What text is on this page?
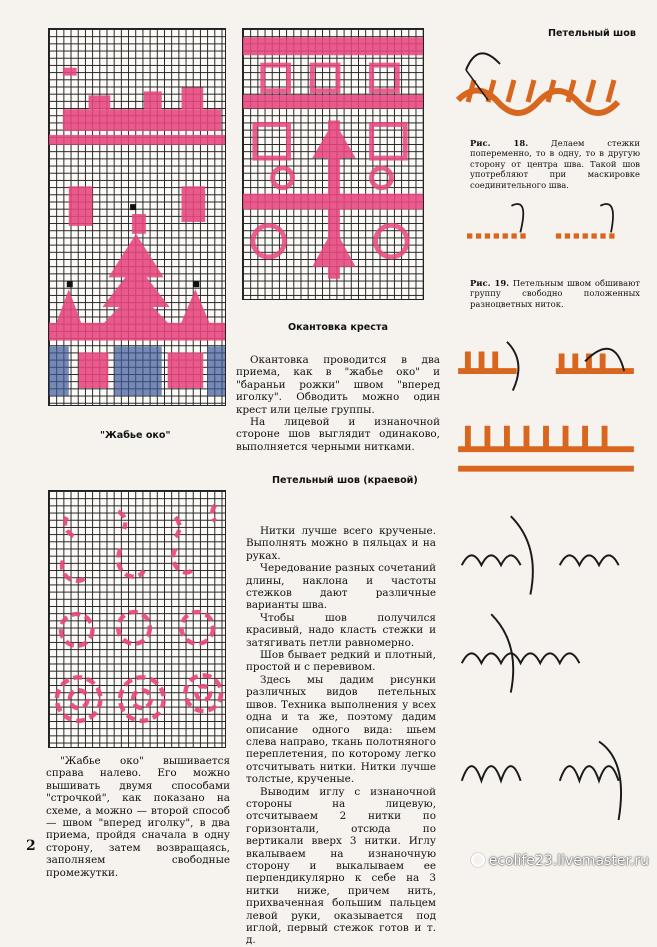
Петельный шов
Рис. 18.	Делаем стежки попеременно, то в одну, то в другую сторону от центра шва. Такой шов употребляют при маскировке соединительного шва.
Рис. 19. Петельным швом обшивают группу свободно положенных разноцветных ниток.
Окантовка креста

Окантовка проводится в два приема, как в "жабье око" и "бараньи рожки" швом "вперед иголку". Обводить можно один крест или целые группы.

На лицевой и изнаночной стороне шов выглядит одинаково, выполняется черными нитками.

"Жабье око"
Петельный шов (краевой)

Нитки лучше всего крученые. Выполнять можно в пяльцах и на руках.

Чередование разных сочетаний длины, наклона и частоты стежков дают различные варианты шва.

Чтобы шов получился красивый, надо класть стежки и затягивать петли равномерно.

Шов бывает редкий и плотный, простой и с перевивом.

Здесь мы дадим рисунки различных видов петельных швов. Техника выполнения у всех одна и та же, поэтому дадим описание одного вида: шьем слева направо, ткань полотняного переплетения, по которому легко отсчитывать нитки. Нитки лучше толстые, крученые.

Выводим иглу с изнаночной стороны на лицевую, отсчитываем 2 нитки по горизонтали, отсюда по вертикали вверх 3 нитки. Иглу вкалываем на изнаночную сторону и выкалываем ее перпендикулярно к себе на 3 нитки ниже, причем нить, прихваченная большим пальцем левой руки, оказывается под иглой, первый стежок готов и т. д.

"Жабье око" вышивается справа налево. Его можно вышивать двумя способами "строчкой", как показано на схеме, а можно — второй способ — швом "вперед иголку", в два приема, пройдя сначала в одну сторону, затем возвращаясь, заполняем свободные промежутки.
2
ecolife23.livemaster.ru
